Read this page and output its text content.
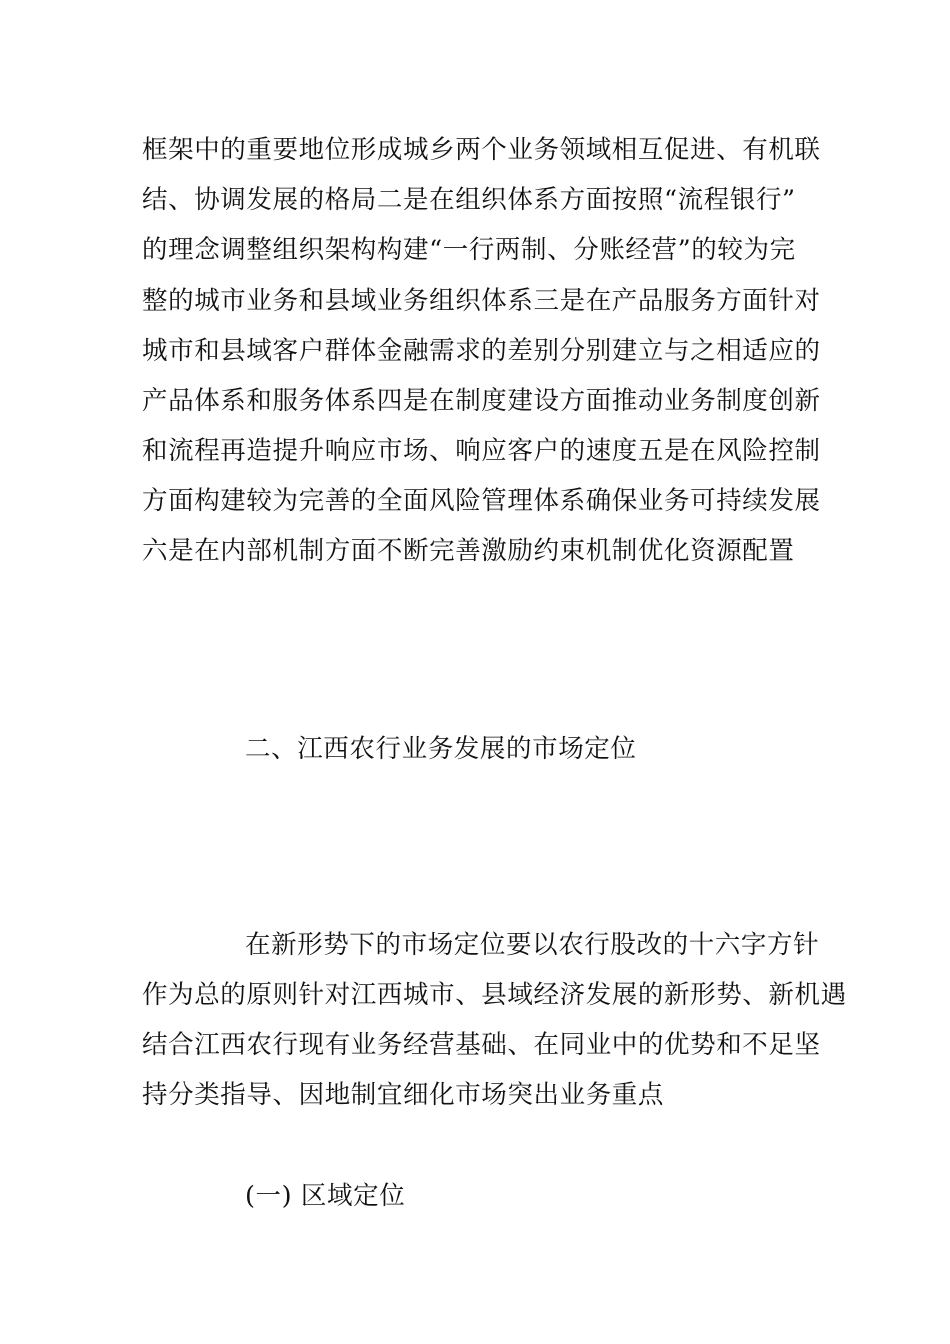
框架中的重要地位形成城乡两个业务领域相互促进、有机联
结、协调发展的格局二是在组织体系方面按照“流程银行”
的理念调整组织架构构建“一行两制、分账经营”的较为完
整的城市业务和县域业务组织体系三是在产品服务方面针对
城市和县域客户群体金融需求的差别分别建立与之相适应的
产品体系和服务体系四是在制度建设方面推动业务制度创新
和流程再造提升响应市场、响应客户的速度五是在风险控制
方面构建较为完善的全面风险管理体系确保业务可持续发展
六是在内部机制方面不断完善激励约束机制优化资源配置
二、江西农行业务发展的市场定位
在新形势下的市场定位要以农行股改的十六字方针
作为总的原则针对江西城市、县域经济发展的新形势、新机遇
结合江西农行现有业务经营基础、在同业中的优势和不足坚
持分类指导、因地制宜细化市场突出业务重点
(一) 区域定位
